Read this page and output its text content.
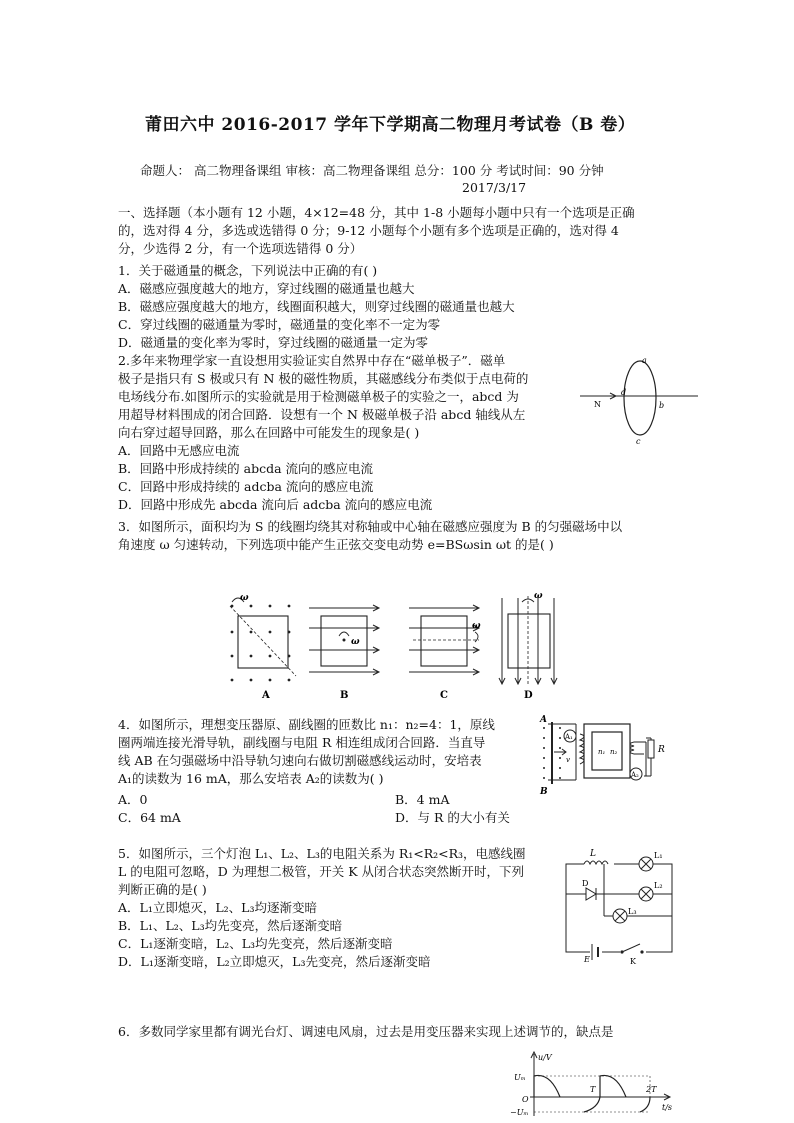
莆田六中 2016-2017 学年下学期高二物理月考试卷（B 卷）
命题人： 高二物理备课组 审核：高二物理备课组 总分：100 分 考试时间：90 分钟
2017/3/17
一、选择题（本小题有 12 小题，4×12=48 分，其中 1-8 小题每小题中只有一个选项是正确
的，选对得 4 分，多选或选错得 0 分；9-12 小题每个小题有多个选项是正确的，选对得 4
分，少选得 2 分，有一个选项选错得 0 分）
1．关于磁通量的概念，下列说法中正确的有( )
A．磁感应强度越大的地方，穿过线圈的磁通量也越大
B．磁感应强度越大的地方，线圈面积越大，则穿过线圈的磁通量也越大
C．穿过线圈的磁通量为零时，磁通量的变化率不一定为零
D．磁通量的变化率为零时，穿过线圈的磁通量一定为零
2.多年来物理学家一直设想用实验证实自然界中存在“磁单极子”．磁单
极子是指只有 S 极或只有 N 极的磁性物质，其磁感线分布类似于点电荷的
电场线分布.如图所示的实验就是用于检测磁单极子的实验之一，abcd 为
用超导材料围成的闭合回路．设想有一个 N 极磁单极子沿 abcd 轴线从左
向右穿过超导回路，那么在回路中可能发生的现象是( )
A．回路中无感应电流
B．回路中形成持续的 abcda 流向的感应电流
C．回路中形成持续的 adcba 流向的感应电流
D．回路中形成先 abcda 流向后 adcba 流向的感应电流
a
b
c
d
N
3．如图所示，面积均为 S 的线圈均绕其对称轴或中心轴在磁感应强度为 B 的匀强磁场中以
角速度 ω 匀速转动，下列选项中能产生正弦交变电动势 e=BSωsin ωt 的是( )
ω
A
ω
B
ω
C
ω
D
4．如图所示，理想变压器原、副线圈的匝数比 n₁：n₂=4：1，原线
圈两端连接光滑导轨，副线圈与电阻 R 相连组成闭合回路．当直导
线 AB 在匀强磁场中沿导轨匀速向右做切割磁感线运动时，安培表
A₁的读数为 16 mA，那么安培表 A₂的读数为( )
A．0	B．4 mA
C．64 mA	D．与 R 的大小有关
A
B
A₁
A₂
n₁ n₂	R
v
5．如图所示，三个灯泡 L₁、L₂、L₃的电阻关系为 R₁<R₂<R₃，电感线圈
L 的电阻可忽略，D 为理想二极管，开关 K 从闭合状态突然断开时，下列
判断正确的是( )
A．L₁立即熄灭，L₂、L₃均逐渐变暗
B．L₁、L₂、L₃均先变亮，然后逐渐变暗
C．L₁逐渐变暗，L₂、L₃均先变亮，然后逐渐变暗
D．L₁逐渐变暗，L₂立即熄灭，L₃先变亮，然后逐渐变暗
L	L₁
L₂
L₃
D
E	K
6．多数同学家里都有调光台灯、调速电风扇，过去是用变压器来实现上述调节的，缺点是
u/V
Uₘ
O
−Uₘ
T	2T
t/s
